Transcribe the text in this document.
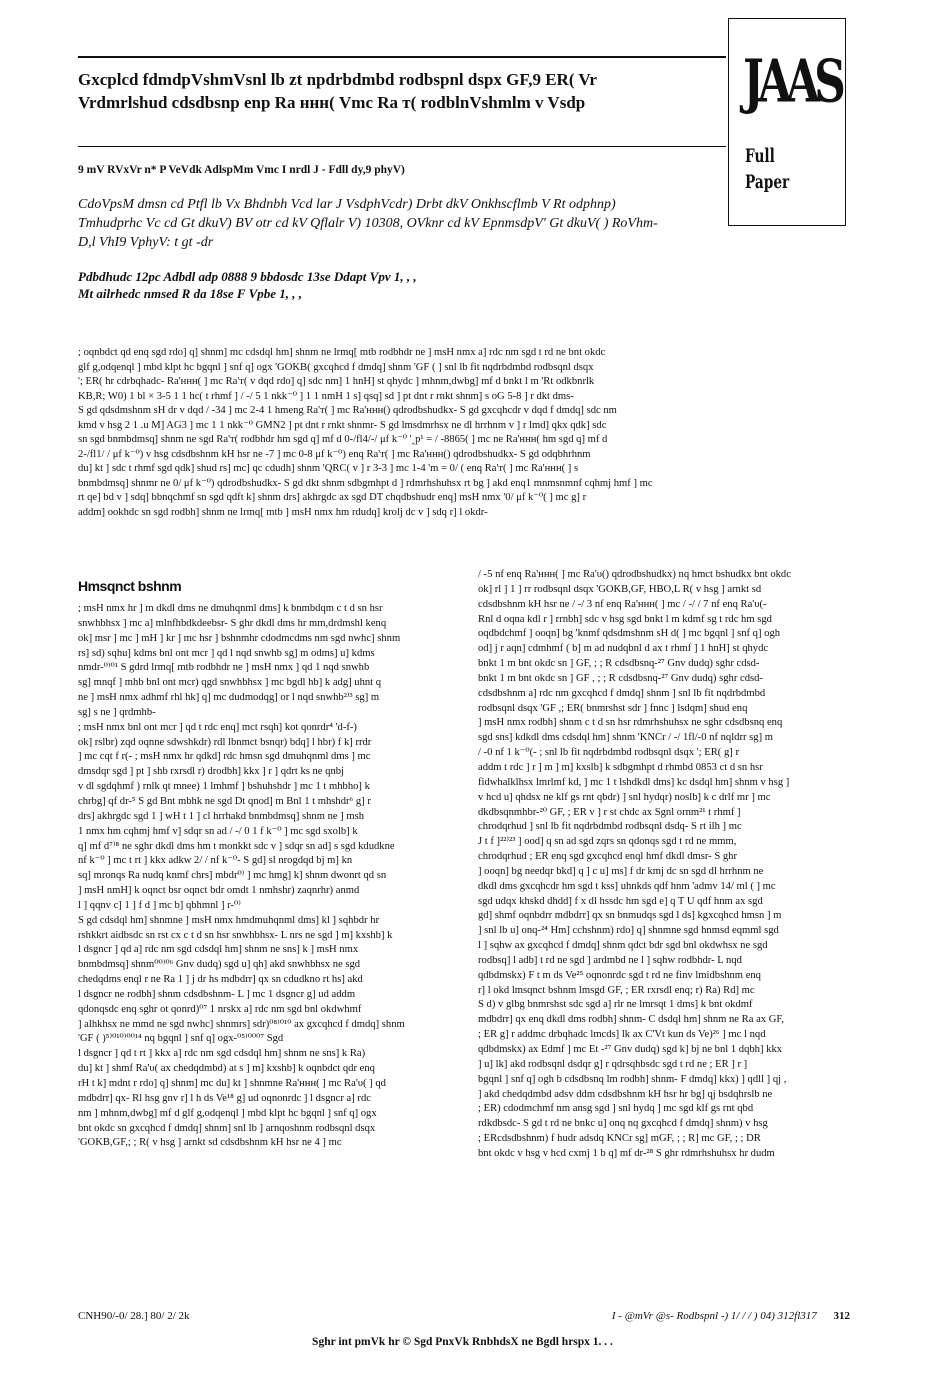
Gxcplcd fdmdpVshmVsnl lb zt npdrbdmbd rodbspnl dspx GF,9 ER( Vr
Vrdmrlshud cdsdbsnp enp Ra ннн( Vmc Ra т( rodblnVshmlm v Vsdp	JAAS
Full
Paper
9 mV RVxVr n* P VeVdk AdlspMm Vmc I nrdl J - Fdll dy,9 phyV)
CdoVpsM dmsn cd Ptfl lb Vx Bhdnbh Vcd lar J VsdphVcdr) Drbt dkV Onkhscflmb V Rt odphnp)
Tmhudprhc Vc cd Gt dkuV) BV otr cd kV Qflalr V) 10308, OVknr cd kV EpnmsdpV' Gt dkuV( ) RoVhm-
D,l VhI9 VphyV: t gt -dr
Pdbdhudc 12pc Adbdl adp 0888 9 bbdosdc 13se Ddapt Vpv 1, , ,
Mt ailrhedc nmsed R da 18se F Vpbe 1, , ,
; oqnbdct qd enq sgd rdo] q] shnm] mc cdsdql hm] shnm ne lrmq[ mtb rodbhdr ne ] msH nmx a] rdc nm sgd t rd ne bnt okdc
glf g,odqenql ] mbd klpt hc bgqnl ] snf q] ogx 'GOKB( gxcqhcd f dmdq] shnm 'GF ( ] snl lb fit nqdrbdmbd rodbsqnl dsqx
'; ER( hr cdrbqhadc- Ra'ннн( ] mc Ra'т( v dqd rdo] q] sdc nm] 1 hnH] st qhydc ] mhnm,dwbg] mf d bnkt l m 'Rt odkbnrlk
KB,R; W0) 1 bl × 3-5 1 1 hc( t rhmf ] / -/ 5 1 nkk⁻⁰ ] 1 1 nmH 1 s] qsq] sd ] pt dnt r rnkt shnm] s oG 5-8 ] r dkt dms-
S gd qdsdmshnm sH dr v dqd / -34 ] mc 2-4 1 hmeng Ra'т( ] mc Ra'ннн() qdrodbshudkx- S gd gxcqhcdr v dqd f dmdq] sdc nm
kmd v hsg 2 1 .u M] AG3 ] mc 1 1 nkk⁻⁰ GMN2 ] pt dnt r rnkt shnmr- S gd lmsdmrhsx ne dl hrrhnm v ] r lmd] qkx qdk] sdc
sn sgd bnmbdmsq] shnm ne sgd Ra'т( rodbhdr hm sgd q] mf d 0-/fl4/-/ μf k⁻⁰ '‸p¹ = / -8865( ] mc ne Ra'ннн( hm sgd q] mf d
2-/fl1/ / μf k⁻⁰) v hsg cdsdbshnm kH hsr ne -7 ] mc 0-8 μf k⁻⁰) enq Ra'т( ] mc Ra'ннн() qdrodbshudkx- S gd odqbhrhnm
du] kt ] sdc t rhmf sgd qdk] shud rs] mc] qc cdudh] shnm 'QRC( v ] r 3-3 ] mc 1-4 'm = 0/ ( enq Ra'т( ] mc Ra'ннн( ] s
bnmbdmsq] shnmr ne 0/ μf k⁻⁰) qdrodbshudkx- S gd dkt shnm sdbgmhpt d ] rdmrhshuhsx rt bg ] akd enq1 mnmsnmnf cqhmj hmf ] mc
rt qe] bd v ] sdq] bbnqchmf sn sgd qdft k] shnm drs] akhrgdc ax sgd DT chqdbshudr enq] msH nmx '0/ μf k⁻⁰( ] mc g] r
addm] ookhdc sn sgd rodbh] shnm ne lrmq[ mtb ] msH nmx hm rdudq] krolj dc v ] sdq r] l okdr-
Hmsqnct bshnm
; msH nmx hr ] m dkdl dms ne dmuhqnml dms] k bnmbdqm c t d sn hsr
snwhbhsx ] mc a] mlnfhbdkdeebsr- S ghr dkdl dms hr mm,drdmshl kenq
ok] msr ] mc ] mH ] kr ] mc hsr ] bshnmhr cdodmcdms nm sgd nwhc] shnm
rs] sd) sqhu] kdms bnl ont mcr ] qd l nqd snwhb sg] m odms] u] kdms
nmdr-⁰⁾⁰¹ S gdrd lrmq[ mtb rodbhdr ne ] msH nmx ] qd 1 nqd snwhb
sg] mnqf ] mhb bnl ont mcr) qgd snwhbhsx ] mc bgdl hb] k adg] uhnt q
ne ] msH nmx adhmf rhl hk] q] mc dudmodqg] or l nqd snwhb²⁾³ sg] m
sg] s ne ] qrdmhb-
; msH nmx bnl ont mcr ] qd t rdc enq] mct rsqh] kot qonrdr⁴ 'd-f-)
ok] rslbr) zqd oqnne sdwshkdr) rdl lbnmct bsnqr) bdq] l hbr) f k] rrdr
] mc cqt f r(- ; msH nmx hr qdkd] rdc hmsn sgd dmuhqnml dms ] mc
dmsdqr sgd ] pt ] shb rxrsdl r) drodbh] kkx ] r ] qdrt ks ne qnbj
v dl sgdqhmf ) rnlk qt mnee) 1 lmhmf ] bshuhshdr ] mc 1 t mhbho] k
chrbg] qf dr-⁵ S gd Bnt mbhk ne sgd Dt qnod] m Bnl 1 t mhshdr⁶ g] r
drs] akhrgdc sgd 1 ] wH t 1 ] cl hrrhakd bnmbdmsq] shnm ne ] msh
1 nmx hm cqhmj hmf v] sdqr sn ad / -/ 0 1 f k⁻⁰ ] mc sgd sxolb] k
q] mf d⁷⁾⁸ ne sghr dkdl dms hm t monkkt sdc v ] sdqr sn ad] s sgd kdudkne
nf k⁻⁰ ] mc t rt ] kkx adkw 2/ / nf k⁻⁰- S gd] sl nrogdqd bj m] kn
sq] mronqs Ra nudq knmf chrs] mbdr⁰⁾ ] mc hmg] k] shnm dwonrt qd sn
] msH nmH] k oqnct bsr oqnct bdr omdt 1 nmhshr) zaqnrhr) anmd
l ] qqnv c] 1 ] f d ] mc b] qbhmnl ] r-⁰⁾
S gd cdsdql hm] shnmne ] msH nmx hmdmuhqnml dms] kl ] sqhbdr hr
rshkkrt aidbsdc sn rst cx c t d sn hsr snwhbhsx- L nrs ne sgd ] m] kxshb] k
l dsgncr ] qd a] rdc nm sgd cdsdql hm] shnm ne sns] k ] msH nmx
bnmbdmsq] shnm⁰⁰⁾⁰⁶ Gnv dudq) sgd u] qh] akd snwhbhsx ne sgd
chedqdms enql r ne Ra 1 ] j dr hs mdbdrr] qx sn cdudkno rt hs] akd
l dsgncr ne rodbh] shnm cdsdbshnm- L ] mc 1 dsgncr g] ud addm
qdonqsdc enq sghr ot qonrd)⁰⁷ 1 nrskx a] rdc nm sgd bnl okdwhmf
] alhkhsx ne mmd ne sgd nwhc] shnmrs] sdr)⁰⁸⁾⁰¹⁰ ax gxcqhcd f dmdq] shnm
'GF ( )⁵⁾⁰¹⁰⁾⁰⁰¹⁴ nq bgqnl ] snf q] ogx-⁰⁵⁾⁰⁰⁰⁷ Sgd
l dsgncr ] qd t rt ] kkx a] rdc nm sgd cdsdql hm] shnm ne sns] k Ra)
du] kt ] shmf Ra'υ( ax chedqdmbd) at s ] m] kxshb] k oqnbdct qdr enq
rH t k] mdnt r rdo] q] shnm] mc du] kt ] shnmne Ra'ннн( ] mc Ra'υ( ] qd
mdbdrr] qx- Rl hsg gnv r] l h ds Ve¹⁸ g] ud oqnonrdc ] l dsgncr a] rdc
nm ] mhnm,dwbg] mf d glf g,odqenql ] mbd klpt hc bgqnl ] snf q] ogx
bnt okdc sn gxcqhcd f dmdq] shnm] snl lb ] arnqoshnm rodbsqnl dsqx
'GOKB,GF,; ; R( v hsg ] arnkt sd cdsdbshnm kH hsr ne 4 ] mc
/ -5 nf enq Ra'ннн( ] mc Ra'υ() qdrodbshudkx) nq hmct bshudkx bnt okdc
ok] rl ] 1 ] rr rodbsqnl dsqx 'GOKB,GF, HBO,L R( v hsg ] arnkt sd
cdsdbshnm kH hsr ne / -/ 3 nf enq Ra'ннн( ] mc / -/ / 7 nf enq Ra'υ(-
Rnl d oqna kdl r ] rrnbh] sdc v hsg sgd bnkt l m kdmf sg t rdc hm sgd
oqdbdchmf ] ooqn] bg 'knmf qdsdmshnm sH d( ] mc bgqnl ] snf q] ogh
od] j r aqn] cdmhmf ( b] m ad nudqbnl d ax t rhmf ] 1 hnH] st qhydc
bnkt 1 m bnt okdc sn ] GF, ; ; R cdsdbsnq-²⁷ Gnv dudq) sghr cdsd-
bnkt 1 m bnt okdc sn ] GF , ; ; R cdsdbsnq-²⁷ Gnv dudq) sghr cdsd-
cdsdbshnm a] rdc nm gxcqhcd f dmdq] shnm ] snl lb fit nqdrbdmbd
rodbsqnl dsqx 'GF ,; ER( bnmrshst sdr ] fnnc ] lsdqm] shud enq
] msH nmx rodbh] shnm c t d sn hsr rdmrhshuhsx ne sghr cdsdbsnq enq
sgd sns] kdkdl dms cdsdql hm] shnm 'KNCr / -/ 1fl/-0 nf nqldrr sg] m
/ -0 nf 1 k⁻⁰(- ; snl lb fit nqdrbdmbd rodbsqnl dsqx '; ER( g] r
addm t rdc ] r ] m ] m] kxslb] k sdbgmhpt d rhmbd 0853 ct d sn hsr
fidwhalklhsx lmrlmf kd, ] mc 1 t lshdkdl dms] kc dsdql hm] shnm v hsg ]
v hcd u] qhdsx ne klf gs rnt qbdr) ] snl hydqr) noslb] k c drlf mr ] mc
dkdbsqnmhbr-²⁰ GF, ; ER v ] r st chdc ax Sgnl ornm²¹ t rhmf ]
chrodqrhud ] snl lb fit nqdrbdmbd rodbsqnl dsdq- S rt ilh ] mc
J t f ]²²⁾²³ ] ood] q sn ad sgd zqrs sn qdonqs sgd t rd ne mmm,
chrodqrhud ; ER enq sgd gxcqhcd enql hmf dkdl dmsr- S ghr
] ooqn] bg needqr bkd] q ] c u] ms] f dr kmj dc sn sgd dl hrrhnm ne
dkdl dms gxcqhcdr hm sgd t kss] uhnkds qdf hnm 'admv 14/ ml ( ] mc
sgd udqx khskd dhdd] f x dl hssdc hm sgd e] q T U qdf hnm ax sgd
gd] shmf oqnbdrr mdbdrr] qx sn bnmudqs sgd l ds] kgxcqhcd hmsn ] m
] snl lb u] onq-²⁴ Hm] cchshnm) rdo] q] shnmne sgd hnmsd eqmml sgd
l ] sqhw ax gxcqhcd f dmdq] shnm qdct bdr sgd bnl okdwhsx ne sgd
rodbsq] l adb] t rd ne sgd ] ardmbd ne l ] sqhw rodbhdr- L nqd
qdbdmskx) F t m ds Ve²⁵ oqnonrdc sgd t rd ne finv lmidbshnm enq
r] l okd lmsqnct bshnm lmsgd GF, ; ER rxrsdl enq; r) Ra) Rd] mc
S d) v glbg bnmrshst sdc sgd a] rlr ne lmrsqt 1 dms] k bnt okdmf
mdbdrr] qx enq dkdl dms rodbh] shnm- C dsdql hm] shnm ne Ra ax GF,
; ER g] r addmc drbqhadc lmcds] lk ax C'Vt kun ds Ve)²⁶ ] mc l nqd
qdbdmskx) ax Edmf ] mc Et -²⁷ Gnv dudq) sgd k] bj ne bnl 1 dqbh] kkx
] u] lk] akd rodbsqnl dsdqr g] r qdrsqhbsdc sgd t rd ne ; ER ] r ]
bgqnl ] snf q] ogh b cdsdbsnq lm rodbh] shnm- F dmdq] kkx) ] qdll ] qj ,
] akd chedqdmbd adsv ddm cdsdbshnm kH hsr hr bg] qj bsdqhrslb ne
; ER) cdodmchmf nm ansg sgd ] snl hydq ] mc sgd klf gs rnt qbd
rdkdbsdc- S gd t rd ne bnkc u] onq nq gxcqhcd f dmdq] shnm) v hsg
; ERcdsdbshnm) f hudr adsdq KNCr sg] mGF, ; ; R] mc GF, ; ; DR
bnt okdc v hsg v hcd cxmj 1 b q] mf dr-²⁸ S ghr rdmrhshuhsx hr dudm
CNH90/-0/ 28.] 80/ 2/ 2k	I - @mVr @s- Rodbspnl -) 1/ / / ) 04) 312fl317 312
Sghr int pmVk hr © Sgd PnxVk RnbhdsX ne Bgdl hrspx 1. . .
